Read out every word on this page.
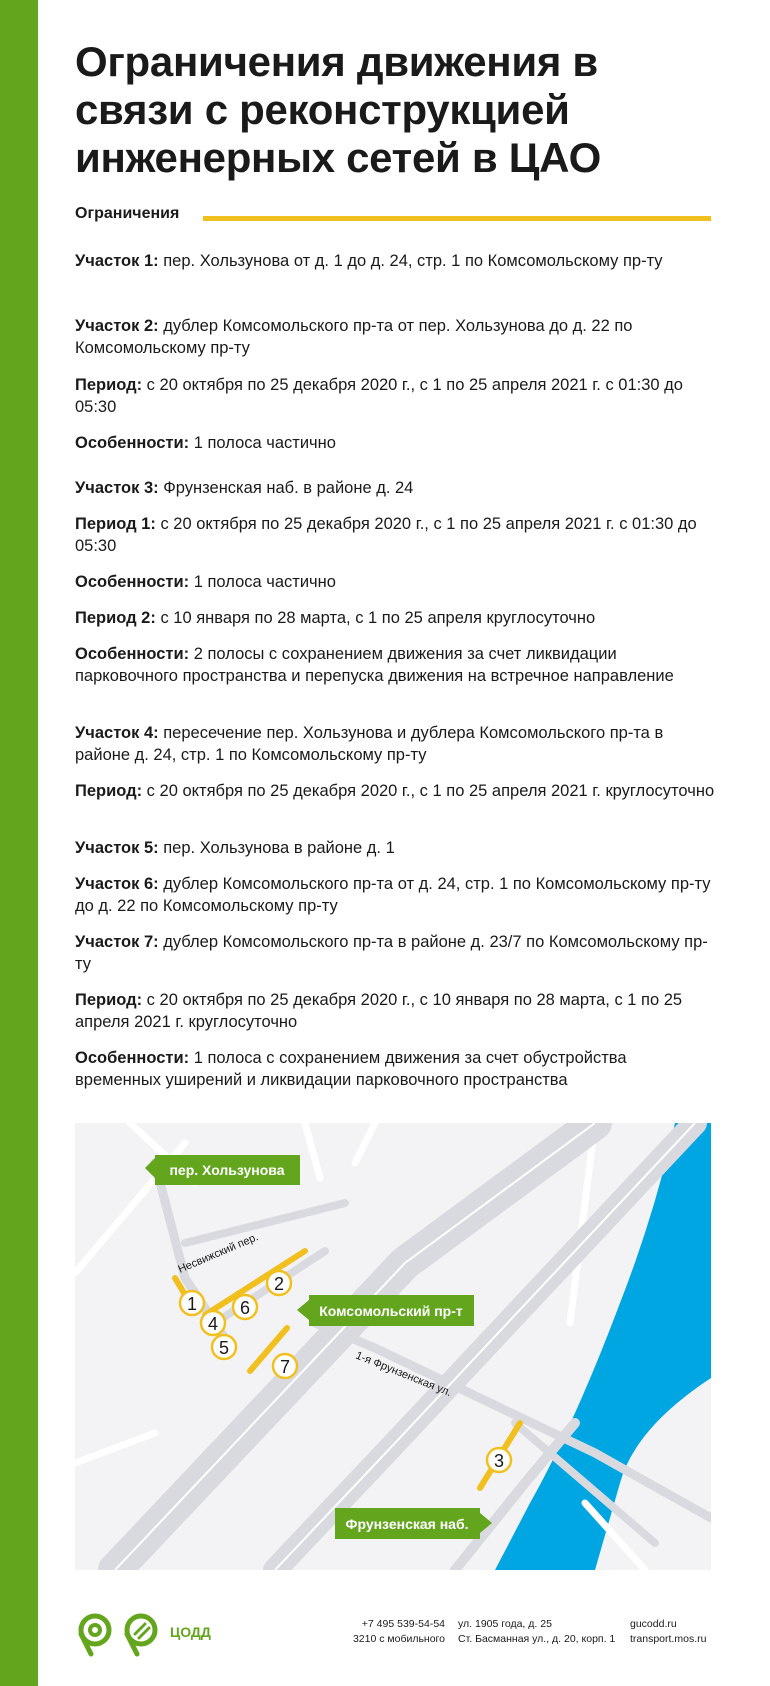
Ограничения движения в связи с реконструкцией инженерных сетей в ЦАО
Ограничения

Участок 1: пер. Хользунова от д. 1 до д. 24, стр. 1 по Комсомольскому пр-ту

Участок 2: дублер Комсомольского пр-та от пер. Хользунова до д. 22 по Комсомольскому пр-ту

Период: с 20 октября по 25 декабря 2020 г., с 1 по 25 апреля 2021 г. с 01:30 до 05:30

Особенности: 1 полоса частично

Участок 3: Фрунзенская наб. в районе д. 24

Период 1: с 20 октября по 25 декабря 2020 г., с 1 по 25 апреля 2021 г. с 01:30 до 05:30

Особенности: 1 полоса частично

Период 2: с 10 января по 28 марта, с 1 по 25 апреля круглосуточно

Особенности: 2 полосы с сохранением движения за счет ликвидации парковочного пространства и перепуска движения на встречное направление

Участок 4: пересечение пер. Хользунова и дублера Комсомольского пр-та в районе д. 24, стр. 1 по Комсомольскому пр-ту

Период: с 20 октября по 25 декабря 2020 г., с 1 по 25 апреля 2021 г. круглосуточно

Участок 5: пер. Хользунова в районе д. 1

Участок 6: дублер Комсомольского пр-та от д. 24, стр. 1 по Комсомольскому пр-ту до д. 22 по Комсомольскому пр-ту

Участок 7: дублер Комсомольского пр-та в районе д. 23/7 по Комсомольскому пр-ту

Период: с 20 октября по 25 декабря 2020 г., с 10 января по 28 марта, с 1 по 25 апреля 2021 г. круглосуточно

Особенности: 1 полоса с сохранением движения за счет обустройства временных уширений и ликвидации парковочного пространства

Несвижский пер.
1-я Фрунзенская ул.
пер. Хользунова
Комсомольский пр-т
Фрунзенская наб.
1
2
3
4
5
6
7
ЦОДД	+7 495 539-54-54
3210 с мобильного
ул. 1905 года, д. 25
Ст. Басманная ул., д. 20, корп. 1
gucodd.ru
transport.mos.ru
